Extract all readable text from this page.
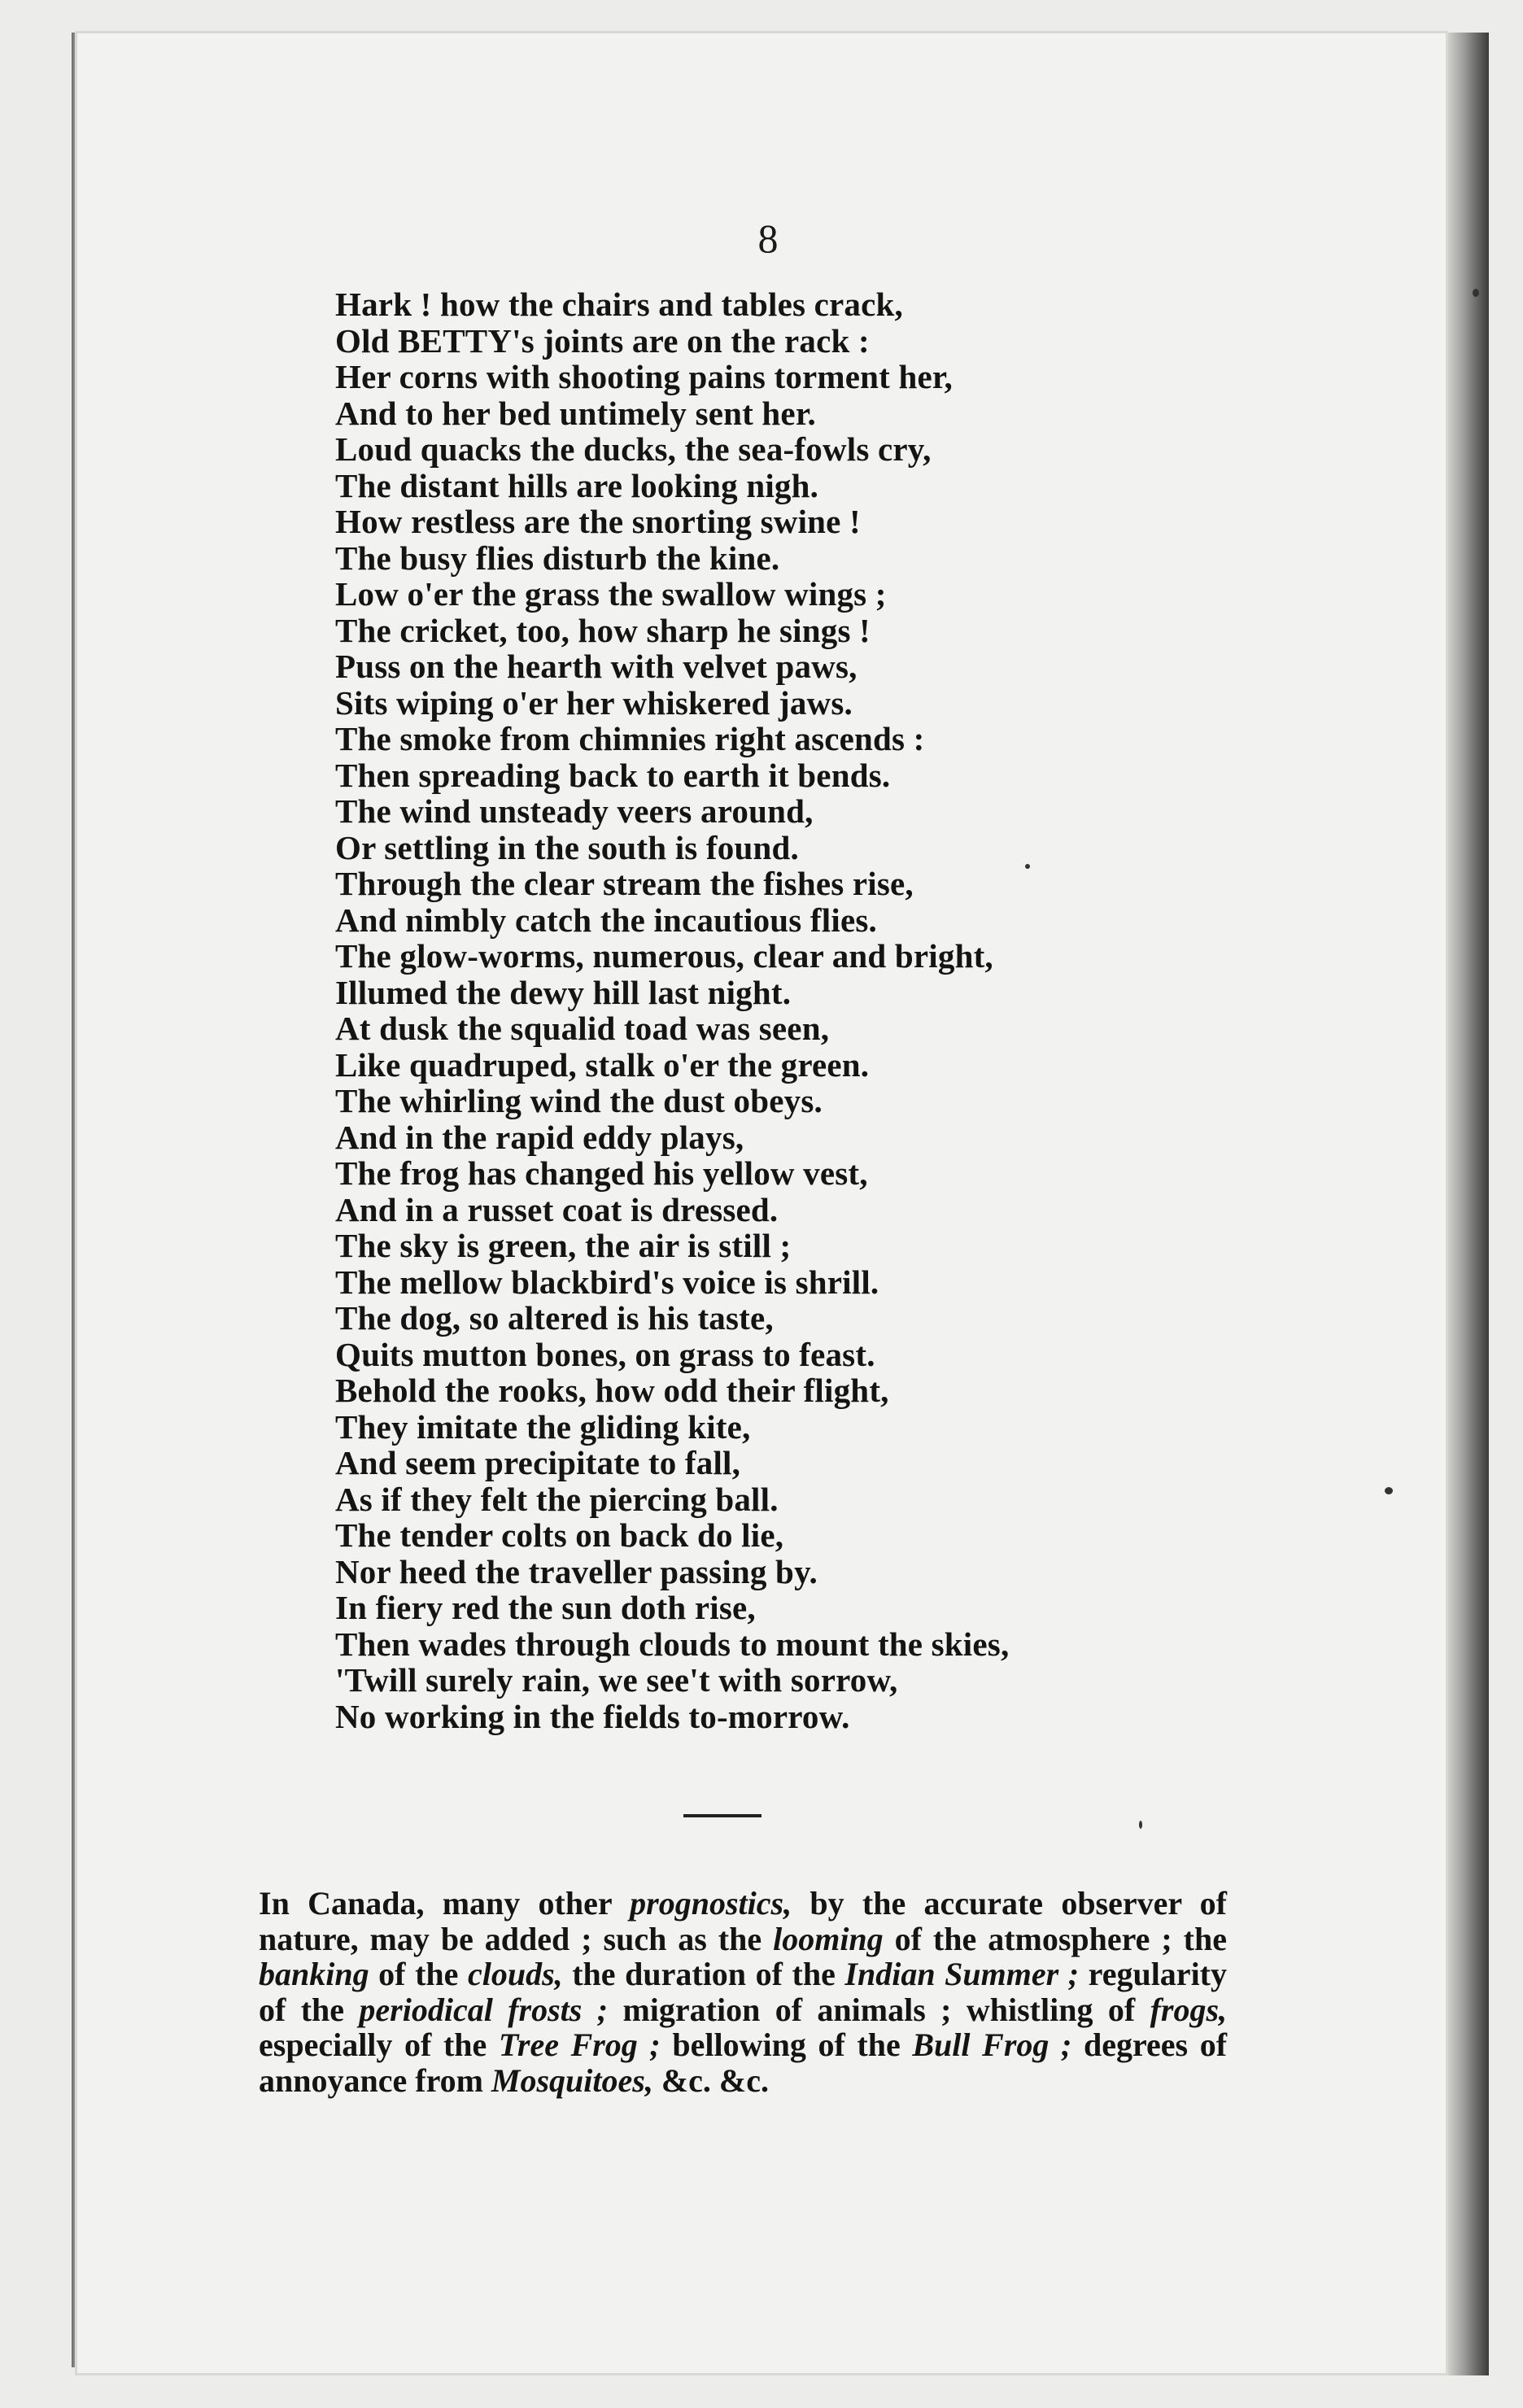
8
Hark ! how the chairs and tables crack,
Old BETTY's joints are on the rack :
Her corns with shooting pains torment her,
And to her bed untimely sent her.
Loud quacks the ducks, the sea-fowls cry,
The distant hills are looking nigh.
How restless are the snorting swine !
The busy flies disturb the kine.
Low o'er the grass the swallow wings ;
The cricket, too, how sharp he sings !
Puss on the hearth with velvet paws,
Sits wiping o'er her whiskered jaws.
The smoke from chimnies right ascends :
Then spreading back to earth it bends.
The wind unsteady veers around,
Or settling in the south is found.
Through the clear stream the fishes rise,
And nimbly catch the incautious flies.
The glow-worms, numerous, clear and bright,
Illumed the dewy hill last night.
At dusk the squalid toad was seen,
Like quadruped, stalk o'er the green.
The whirling wind the dust obeys.
And in the rapid eddy plays,
The frog has changed his yellow vest,
And in a russet coat is dressed.
The sky is green, the air is still ;
The mellow blackbird's voice is shrill.
The dog, so altered is his taste,
Quits mutton bones, on grass to feast.
Behold the rooks, how odd their flight,
They imitate the gliding kite,
And seem precipitate to fall,
As if they felt the piercing ball.
The tender colts on back do lie,
Nor heed the traveller passing by.
In fiery red the sun doth rise,
Then wades through clouds to mount the skies,
'Twill surely rain, we see't with sorrow,
No working in the fields to-morrow.

In Canada, many other prognostics, by the accurate observer of nature, may be added ; such as the looming of the atmosphere ; the banking of the clouds, the duration of the Indian Summer ; regularity of the periodical frosts ; migration of animals ; whistling of frogs, especially of the Tree Frog ; bellowing of the Bull Frog ; degrees of annoyance from Mosquitoes, &c. &c.
